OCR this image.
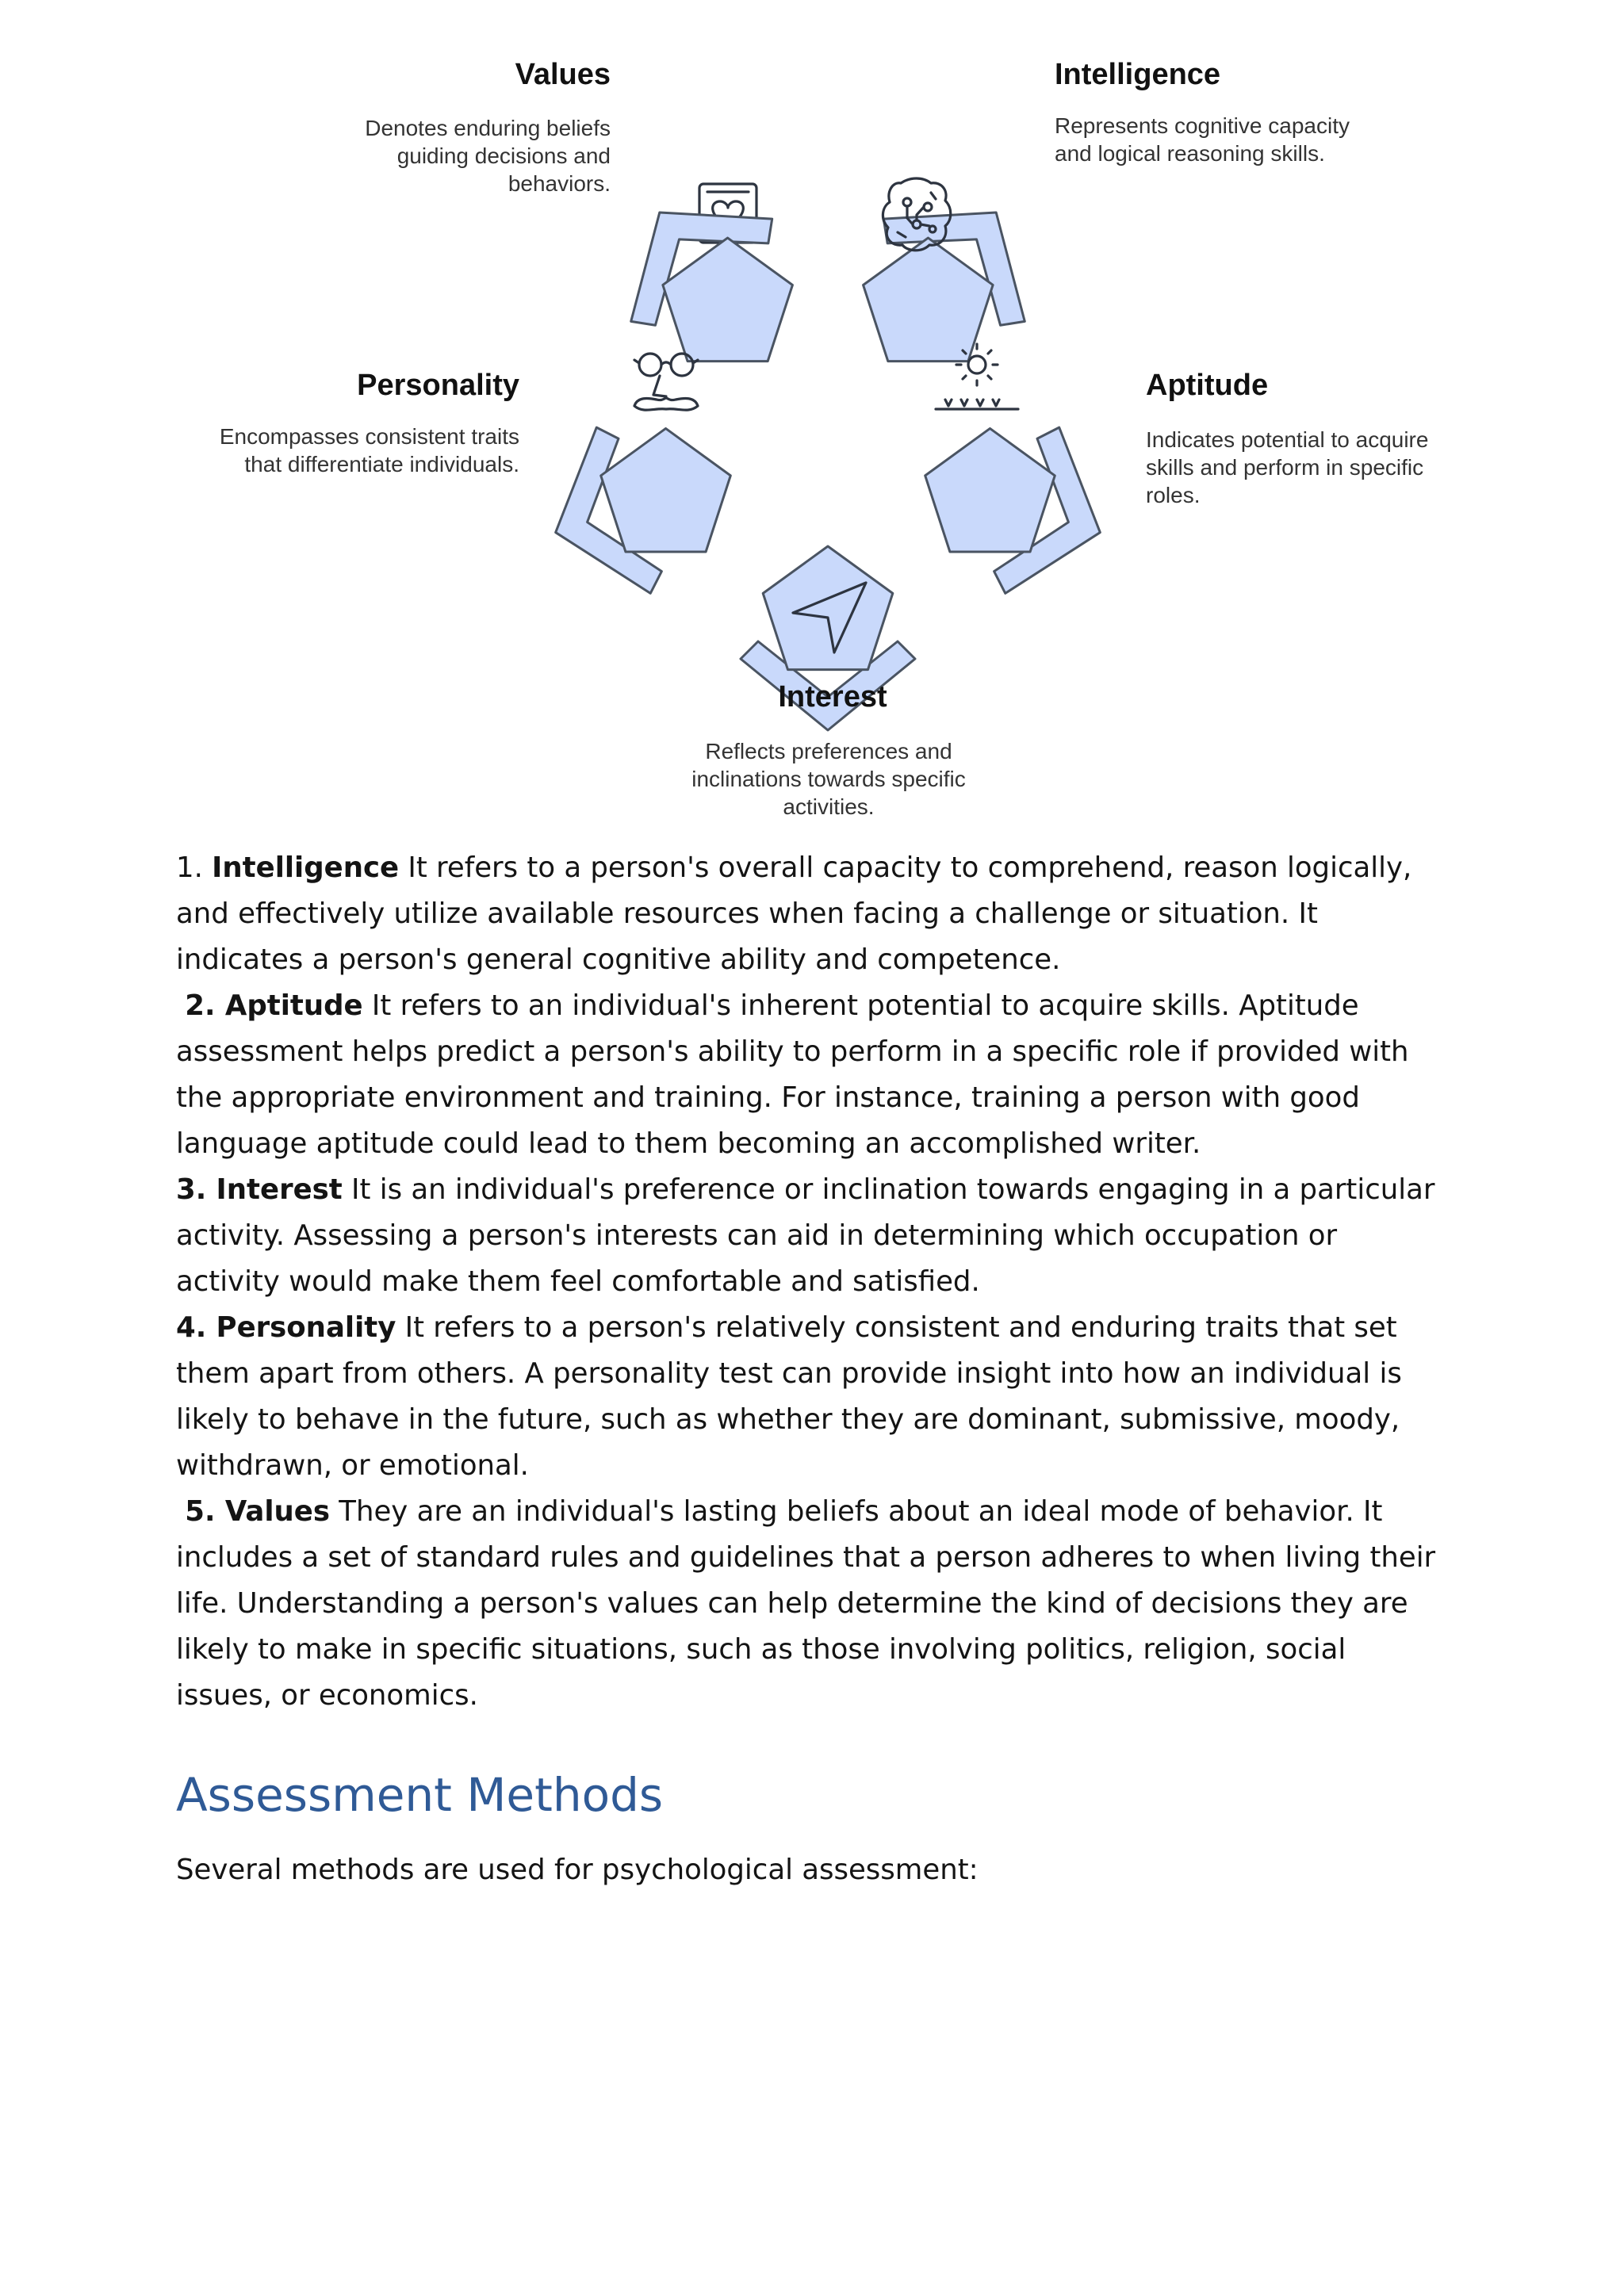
Values
Denotes enduring beliefs
guiding decisions and
behaviors.
Intelligence
Represents cognitive capacity
and logical reasoning skills.
Personality
Encompasses consistent traits
that differentiate individuals.
Aptitude
Indicates potential to acquire
skills and perform in specific
roles.
Interest
Reflects preferences and
inclinations towards specific
activities.

1. Intelligence It refers to a person's overall capacity to comprehend, reason logically, and effectively utilize available resources when facing a challenge or situation. It indicates a person's general cognitive ability and competence.

2. Aptitude It refers to an individual's inherent potential to acquire skills. Aptitude assessment helps predict a person's ability to perform in a specific role if provided with the appropriate environment and training. For instance, training a person with good language aptitude could lead to them becoming an accomplished writer.

3. Interest It is an individual's preference or inclination towards engaging in a particular activity. Assessing a person's interests can aid in determining which occupation or activity would make them feel comfortable and satisfied.

4. Personality It refers to a person's relatively consistent and enduring traits that set them apart from others. A personality test can provide insight into how an individual is likely to behave in the future, such as whether they are dominant, submissive, moody, withdrawn, or emotional.

5. Values They are an individual's lasting beliefs about an ideal mode of behavior. It includes a set of standard rules and guidelines that a person adheres to when living their life. Understanding a person's values can help determine the kind of decisions they are likely to make in specific situations, such as those involving politics, religion, social issues, or economics.

Assessment Methods

Several methods are used for psychological assessment:
